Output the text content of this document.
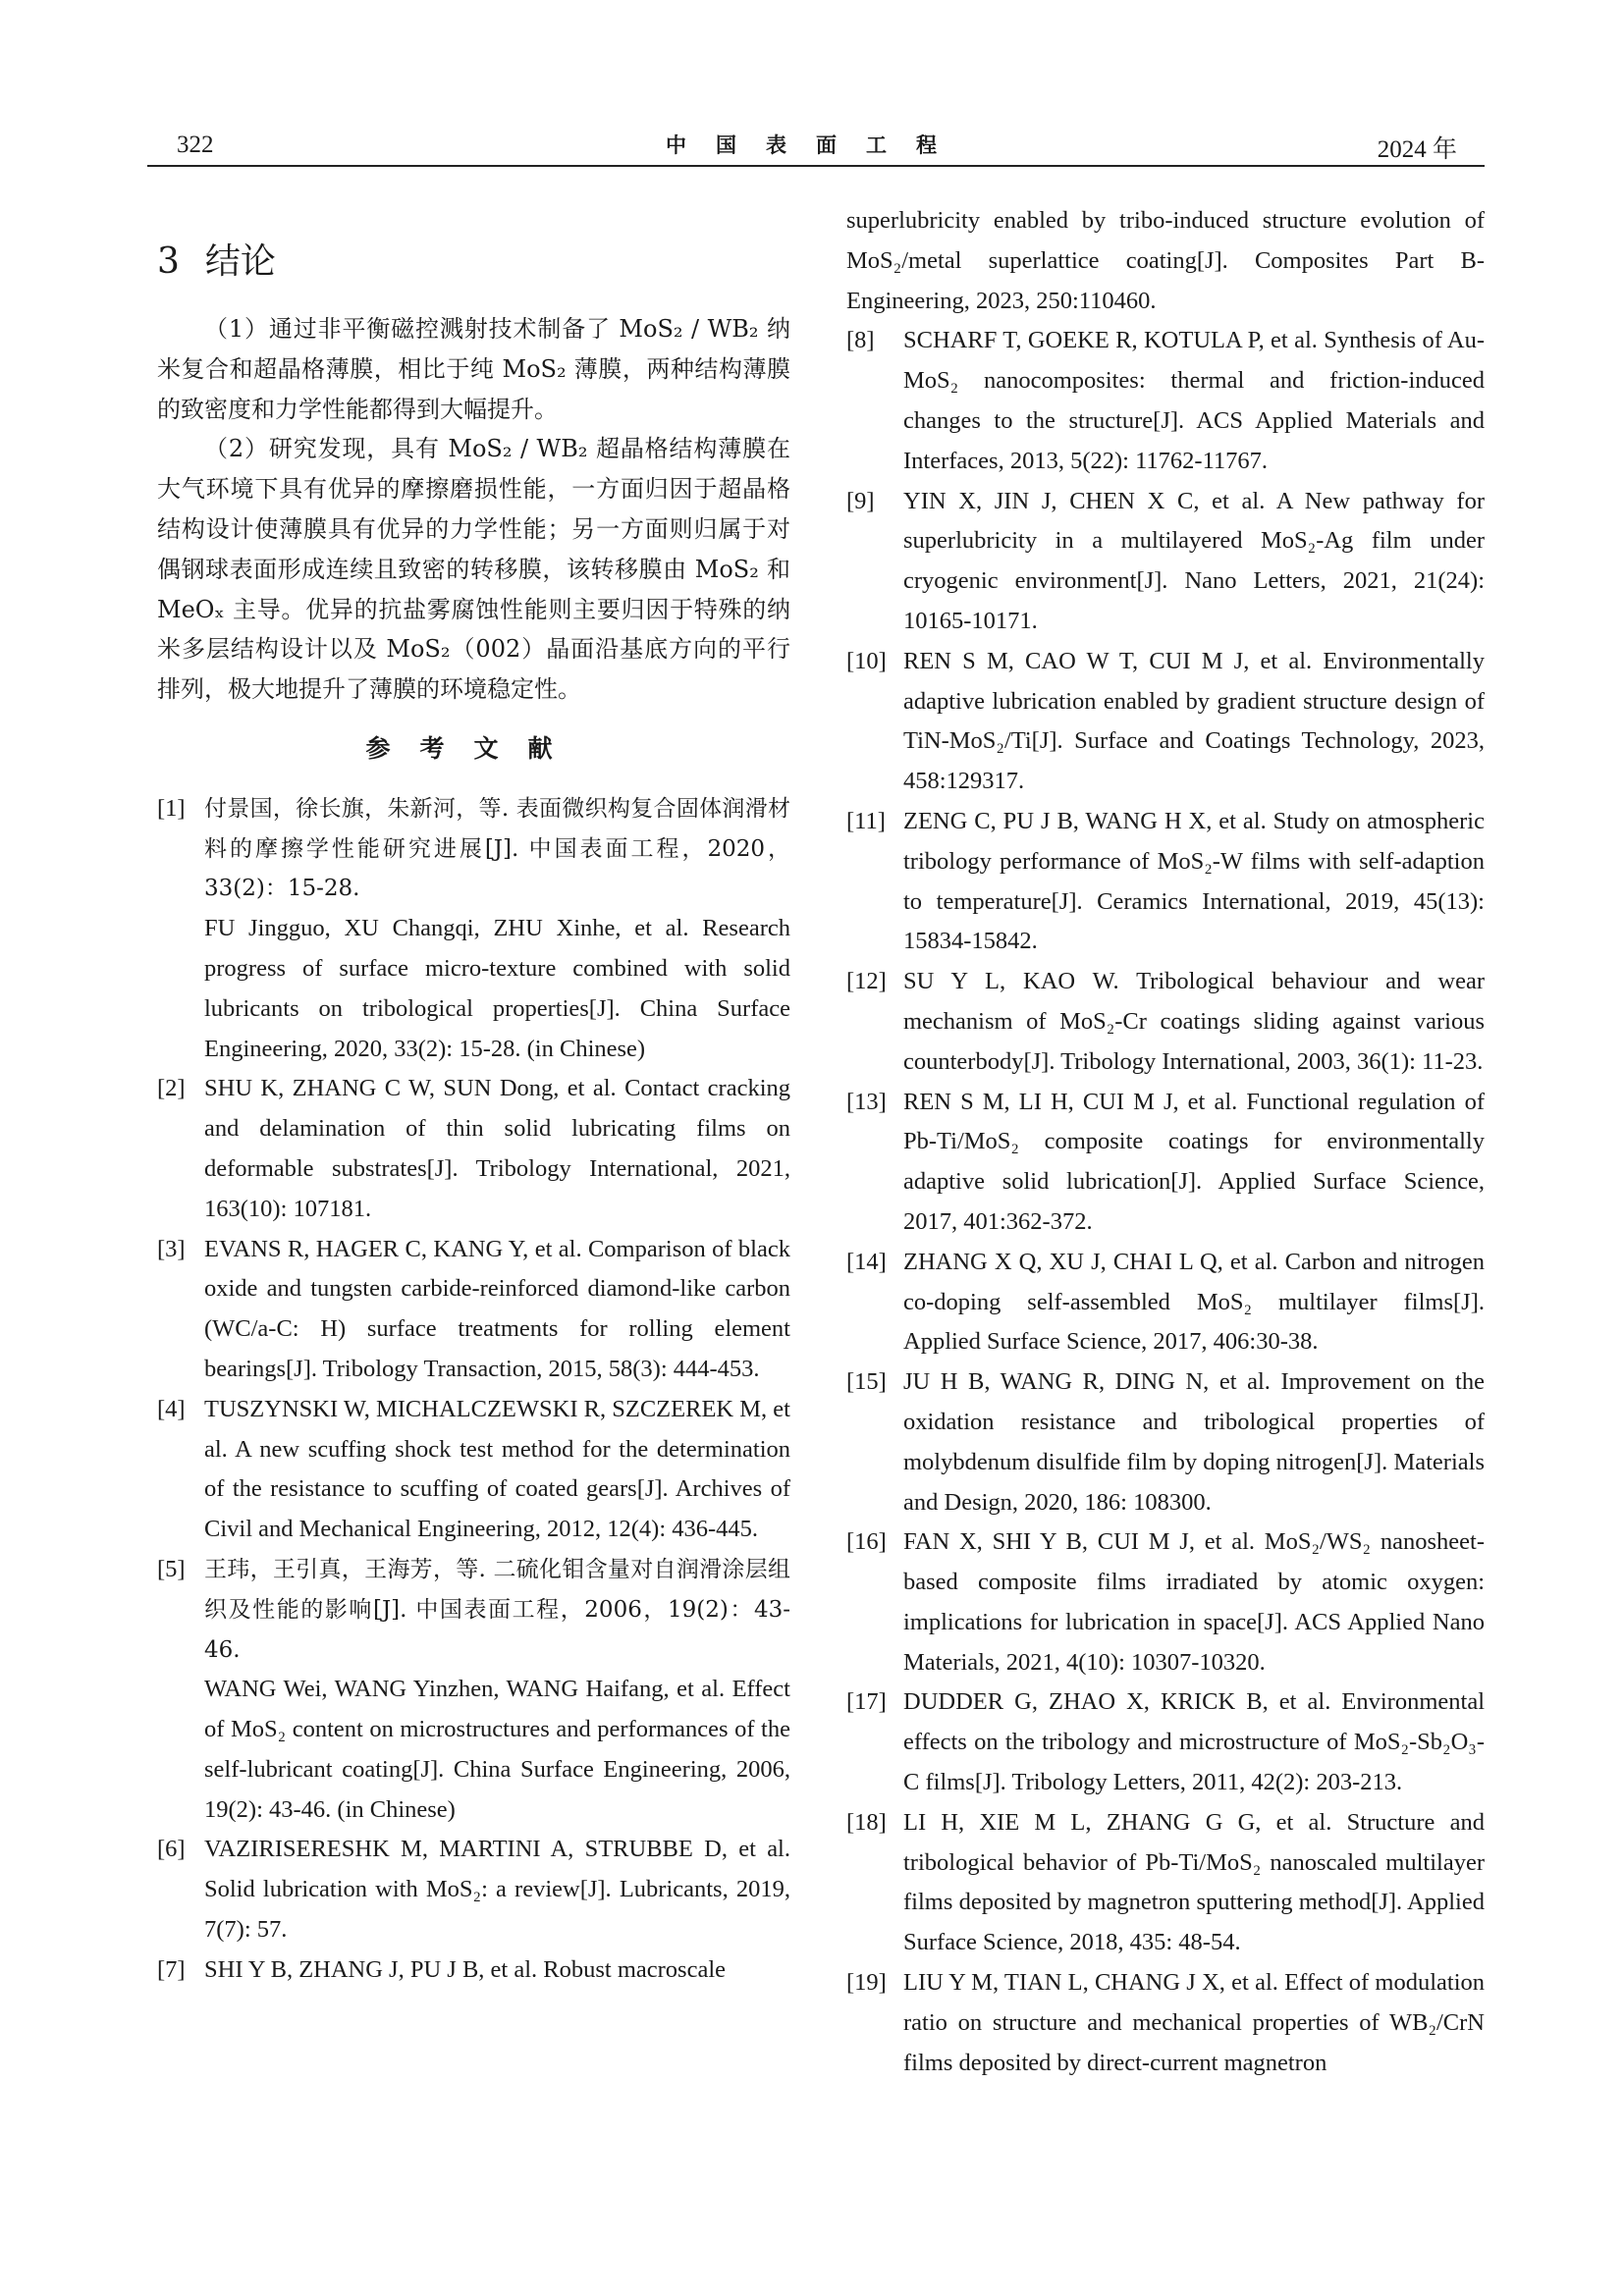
322	中国表面工程	2024 年
3 结论

（1）通过非平衡磁控溅射技术制备了 MoS₂ / WB₂ 纳米复合和超晶格薄膜，相比于纯 MoS₂ 薄膜，两种结构薄膜的致密度和力学性能都得到大幅提升。

（2）研究发现，具有 MoS₂ / WB₂ 超晶格结构薄膜在大气环境下具有优异的摩擦磨损性能，一方面归因于超晶格结构设计使薄膜具有优异的力学性能；另一方面则归属于对偶钢球表面形成连续且致密的转移膜，该转移膜由 MoS₂ 和 MeOₓ 主导。优异的抗盐雾腐蚀性能则主要归因于特殊的纳米多层结构设计以及 MoS₂（002）晶面沿基底方向的平行排列，极大地提升了薄膜的环境稳定性。

参考文献
[1] 付景国，徐长旗，朱新河，等. 表面微织构复合固体润滑材料的摩擦学性能研究进展[J]. 中国表面工程，2020，33(2)：15-28.

FU Jingguo, XU Changqi, ZHU Xinhe, et al. Research progress of surface micro-texture combined with solid lubricants on tribological properties[J]. China Surface Engineering, 2020, 33(2): 15-28. (in Chinese)

[2] SHU K, ZHANG C W, SUN Dong, et al. Contact cracking and delamination of thin solid lubricating films on deformable substrates[J]. Tribology International, 2021, 163(10): 107181.

[3] EVANS R, HAGER C, KANG Y, et al. Comparison of black oxide and tungsten carbide-reinforced diamond-like carbon (WC/a-C: H) surface treatments for rolling element bearings[J]. Tribology Transaction, 2015, 58(3): 444-453.

[4] TUSZYNSKI W, MICHALCZEWSKI R, SZCZEREK M, et al. A new scuffing shock test method for the determination of the resistance to scuffing of coated gears[J]. Archives of Civil and Mechanical Engineering, 2012, 12(4): 436-445.

[5] 王玮，王引真，王海芳，等. 二硫化钼含量对自润滑涂层组织及性能的影响[J]. 中国表面工程，2006，19(2)：43-46.

WANG Wei, WANG Yinzhen, WANG Haifang, et al. Effect of MoS₂ content on microstructures and performances of the self-lubricant coating[J]. China Surface Engineering, 2006, 19(2): 43-46. (in Chinese)

[6] VAZIRISERESHK M, MARTINI A, STRUBBE D, et al. Solid lubrication with MoS₂: a review[J]. Lubricants, 2019, 7(7): 57.

[7] SHI Y B, ZHANG J, PU J B, et al. Robust macroscale

superlubricity enabled by tribo-induced structure evolution of MoS₂/metal superlattice coating[J]. Composites Part B-Engineering, 2023, 250:110460.
[8]	SCHARF T, GOEKE R, KOTULA P, et al. Synthesis of Au-MoS₂ nanocomposites: thermal and friction-induced changes to the structure[J]. ACS Applied Materials and Interfaces, 2013, 5(22): 11762-11767.

[9]	YIN X, JIN J, CHEN X C, et al. A New pathway for superlubricity in a multilayered MoS₂-Ag film under cryogenic environment[J]. Nano Letters, 2021, 21(24): 10165-10171.

[10] REN S M, CAO W T, CUI M J, et al. Environmentally adaptive lubrication enabled by gradient structure design of TiN-MoS₂/Ti[J]. Surface and Coatings Technology, 2023, 458:129317.

[11] ZENG C, PU J B, WANG H X, et al. Study on atmospheric tribology performance of MoS₂-W films with self-adaption to temperature[J]. Ceramics International, 2019, 45(13): 15834-15842.

[12] SU Y L, KAO W. Tribological behaviour and wear mechanism of MoS₂-Cr coatings sliding against various counterbody[J]. Tribology International, 2003, 36(1): 11-23.

[13] REN S M, LI H, CUI M J, et al. Functional regulation of Pb-Ti/MoS₂ composite coatings for environmentally adaptive solid lubrication[J]. Applied Surface Science, 2017, 401:362-372.

[14] ZHANG X Q, XU J, CHAI L Q, et al. Carbon and nitrogen co-doping self-assembled MoS₂ multilayer films[J]. Applied Surface Science, 2017, 406:30-38.

[15] JU H B, WANG R, DING N, et al. Improvement on the oxidation resistance and tribological properties of molybdenum disulfide film by doping nitrogen[J]. Materials and Design, 2020, 186: 108300.

[16] FAN X, SHI Y B, CUI M J, et al. MoS₂/WS₂ nanosheet-based composite films irradiated by atomic oxygen: implications for lubrication in space[J]. ACS Applied Nano Materials, 2021, 4(10): 10307-10320.

[17] DUDDER G, ZHAO X, KRICK B, et al. Environmental effects on the tribology and microstructure of MoS₂-Sb₂O₃-C films[J]. Tribology Letters, 2011, 42(2): 203-213.

[18] LI H, XIE M L, ZHANG G G, et al. Structure and tribological behavior of Pb-Ti/MoS₂ nanoscaled multilayer films deposited by magnetron sputtering method[J]. Applied Surface Science, 2018, 435: 48-54.

[19] LIU Y M, TIAN L, CHANG J X, et al. Effect of modulation ratio on structure and mechanical properties of WB₂/CrN films deposited by direct-current magnetron
